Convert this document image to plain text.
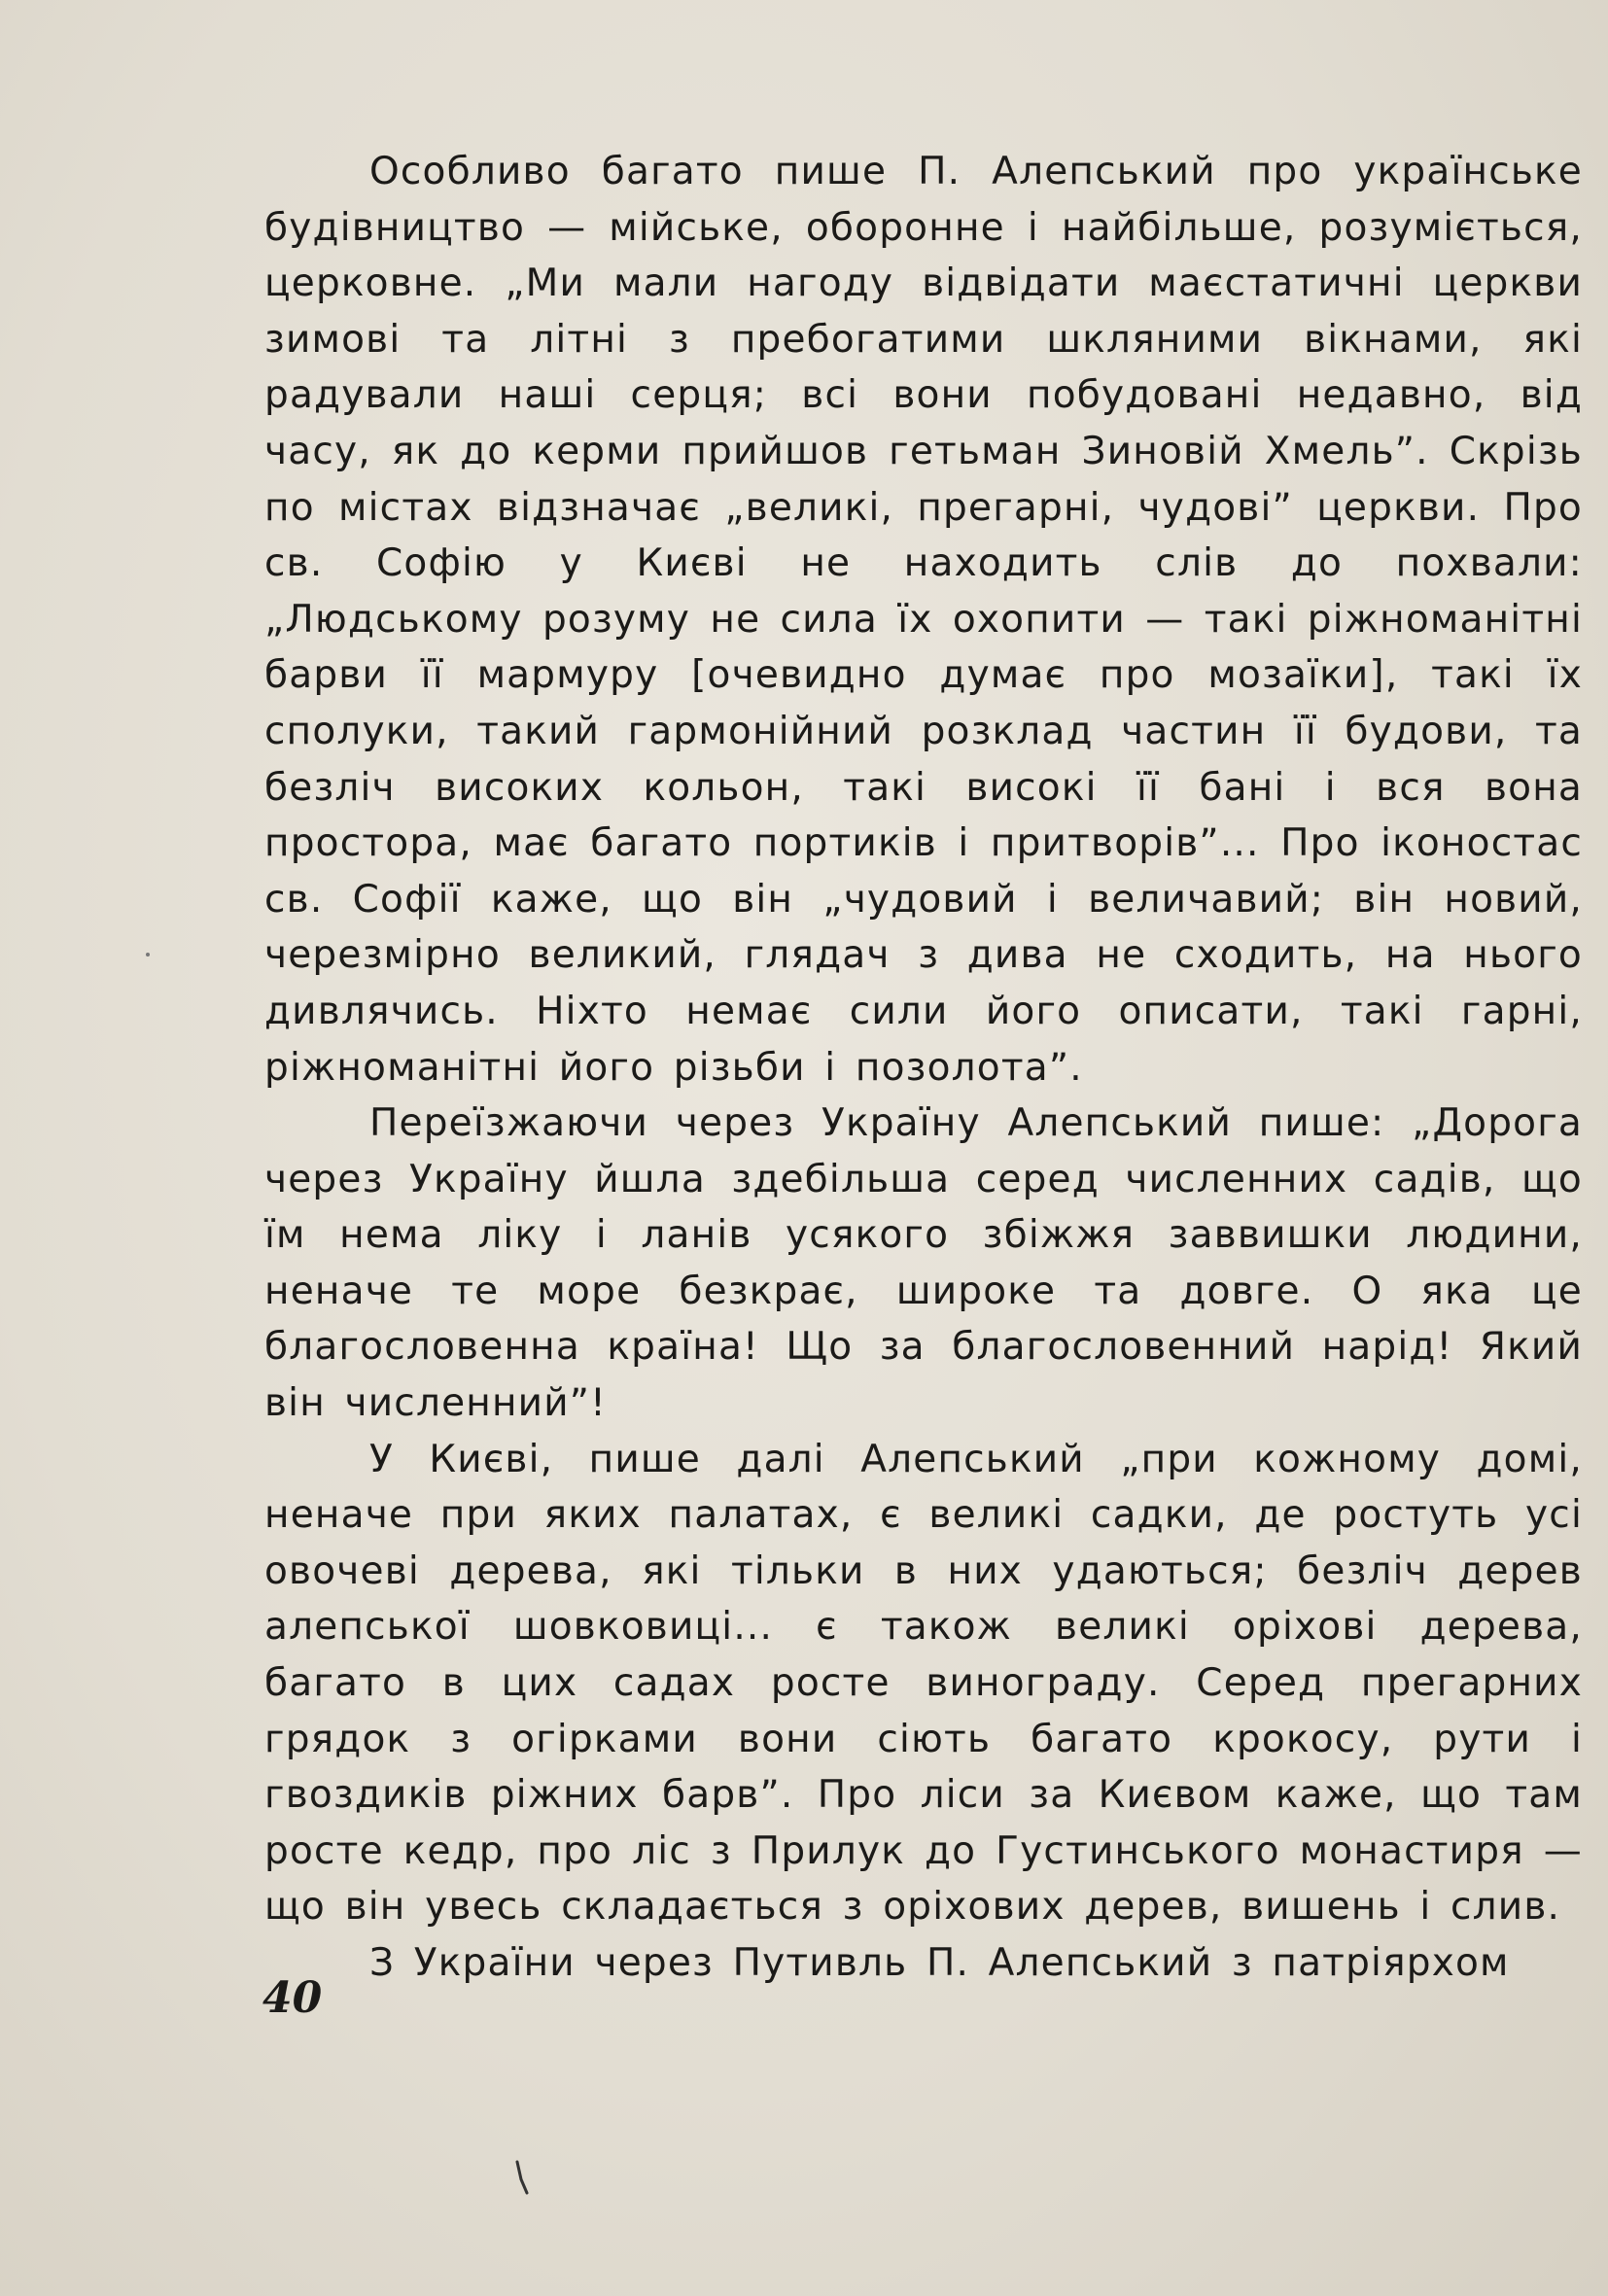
Особливо багато пише П. Алепський про українське будівництво — мійське, оборонне і найбільше, розуміється, церковне. „Ми мали нагоду відвідати маєстатичні церкви зимові та літні з пребогатими шкляними вікнами, які радували наші серця; всі вони побудовані недавно, від часу, як до керми прийшов гетьман Зиновій Хмель”. Скрізь по містах відзначає „великі, прегарні, чудові” церкви. Про св. Софію у Києві не находить слів до похвали: „Людському розуму не сила їх охопити — такі ріжноманітні барви її мармуру [очевидно думає про мозаїки], такі їх сполуки, такий гармонійний розклад частин її будови, та безліч високих кольон, такі високі її бані і вся вона простора, має багато портиків і притворів”... Про іконостас св. Софії каже, що він „чудовий і величавий; він новий, черезмірно великий, глядач з дива не сходить, на нього дивлячись. Ніхто немає сили його описати, такі гарні, ріжноманітні його різьби і позолота”.

Переїзжаючи через Україну Алепський пише: „Дорога через Україну йшла здебільша серед численних садів, що їм нема ліку і ланів усякого збіжжя заввишки людини, неначе те море безкрає, широке та довге. О яка це благословенна країна! Що за благословенний нарід! Який він численний”!

У Києві, пише далі Алепський „при кожному домі, неначе при яких палатах, є великі садки, де ростуть усі овочеві дерева, які тільки в них удаються; безліч дерев алепської шовковиці... є також великі оріхові дерева, багато в цих садах росте винограду. Серед прегарних грядок з огірками вони сіють багато крокосу, рути і гвоздиків ріжних барв”. Про ліси за Києвом каже, що там росте кедр, про ліс з Прилук до Густинського монастиря — що він увесь складається з оріхових дерев, вишень і слив.

З України через Путивль П. Алепський з патріярхом

40
